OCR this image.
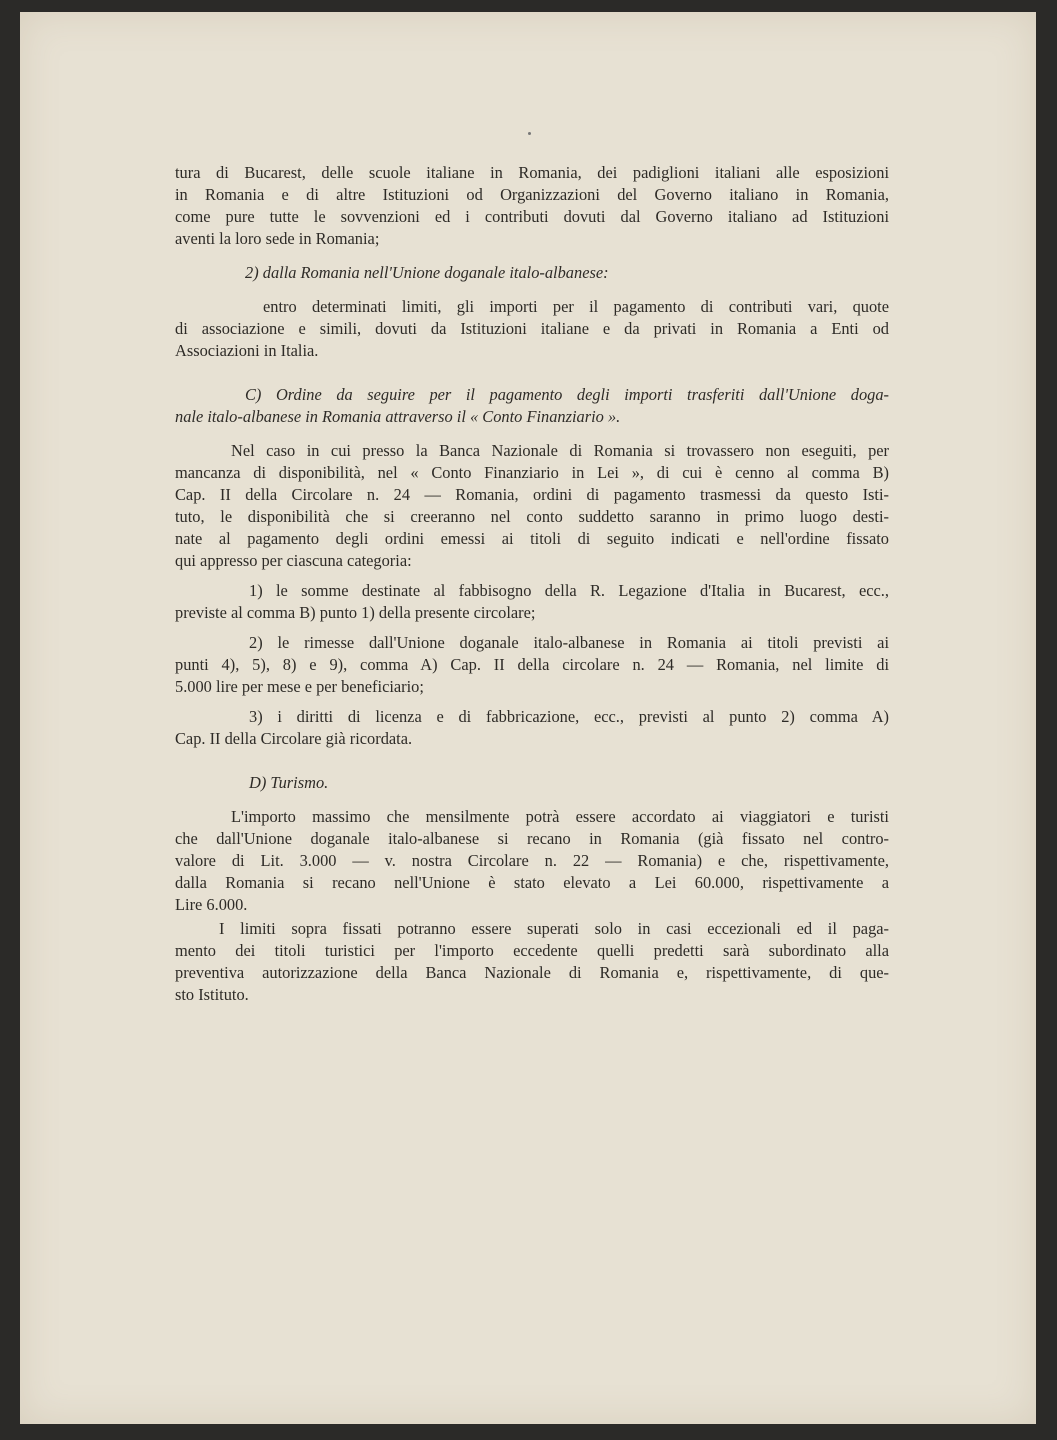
tura di Bucarest, delle scuole italiane in Romania, dei padiglioni italiani alle esposizioni
in Romania e di altre Istituzioni od Organizzazioni del Governo italiano in Romania,
come pure tutte le sovvenzioni ed i contributi dovuti dal Governo italiano ad Istituzioni
aventi la loro sede in Romania;

2) dalla Romania nell'Unione doganale italo-albanese:

entro determinati limiti, gli importi per il pagamento di contributi vari, quote
di associazione e simili, dovuti da Istituzioni italiane e da privati in Romania a Enti od
Associazioni in Italia.

C) Ordine da seguire per il pagamento degli importi trasferiti dall'Unione doga-
nale italo-albanese in Romania attraverso il « Conto Finanziario ».

Nel caso in cui presso la Banca Nazionale di Romania si trovassero non eseguiti, per
mancanza di disponibilità, nel « Conto Finanziario in Lei », di cui è cenno al comma B)
Cap. II della Circolare n. 24 — Romania, ordini di pagamento trasmessi da questo Isti-
tuto, le disponibilità che si creeranno nel conto suddetto saranno in primo luogo desti-
nate al pagamento degli ordini emessi ai titoli di seguito indicati e nell'ordine fissato
qui appresso per ciascuna categoria:

1) le somme destinate al fabbisogno della R. Legazione d'Italia in Bucarest, ecc.,
previste al comma B) punto 1) della presente circolare;

2) le rimesse dall'Unione doganale italo-albanese in Romania ai titoli previsti ai
punti 4), 5), 8) e 9), comma A) Cap. II della circolare n. 24 — Romania, nel limite di
5.000 lire per mese e per beneficiario;

3) i diritti di licenza e di fabbricazione, ecc., previsti al punto 2) comma A)
Cap. II della Circolare già ricordata.

D) Turismo.

L'importo massimo che mensilmente potrà essere accordato ai viaggiatori e turisti
che dall'Unione doganale italo-albanese si recano in Romania (già fissato nel contro-
valore di Lit. 3.000 — v. nostra Circolare n. 22 — Romania) e che, rispettivamente,
dalla Romania si recano nell'Unione è stato elevato a Lei 60.000, rispettivamente a
Lire 6.000.

I limiti sopra fissati potranno essere superati solo in casi eccezionali ed il paga-
mento dei titoli turistici per l'importo eccedente quelli predetti sarà subordinato alla
preventiva autorizzazione della Banca Nazionale di Romania e, rispettivamente, di que-
sto Istituto.
